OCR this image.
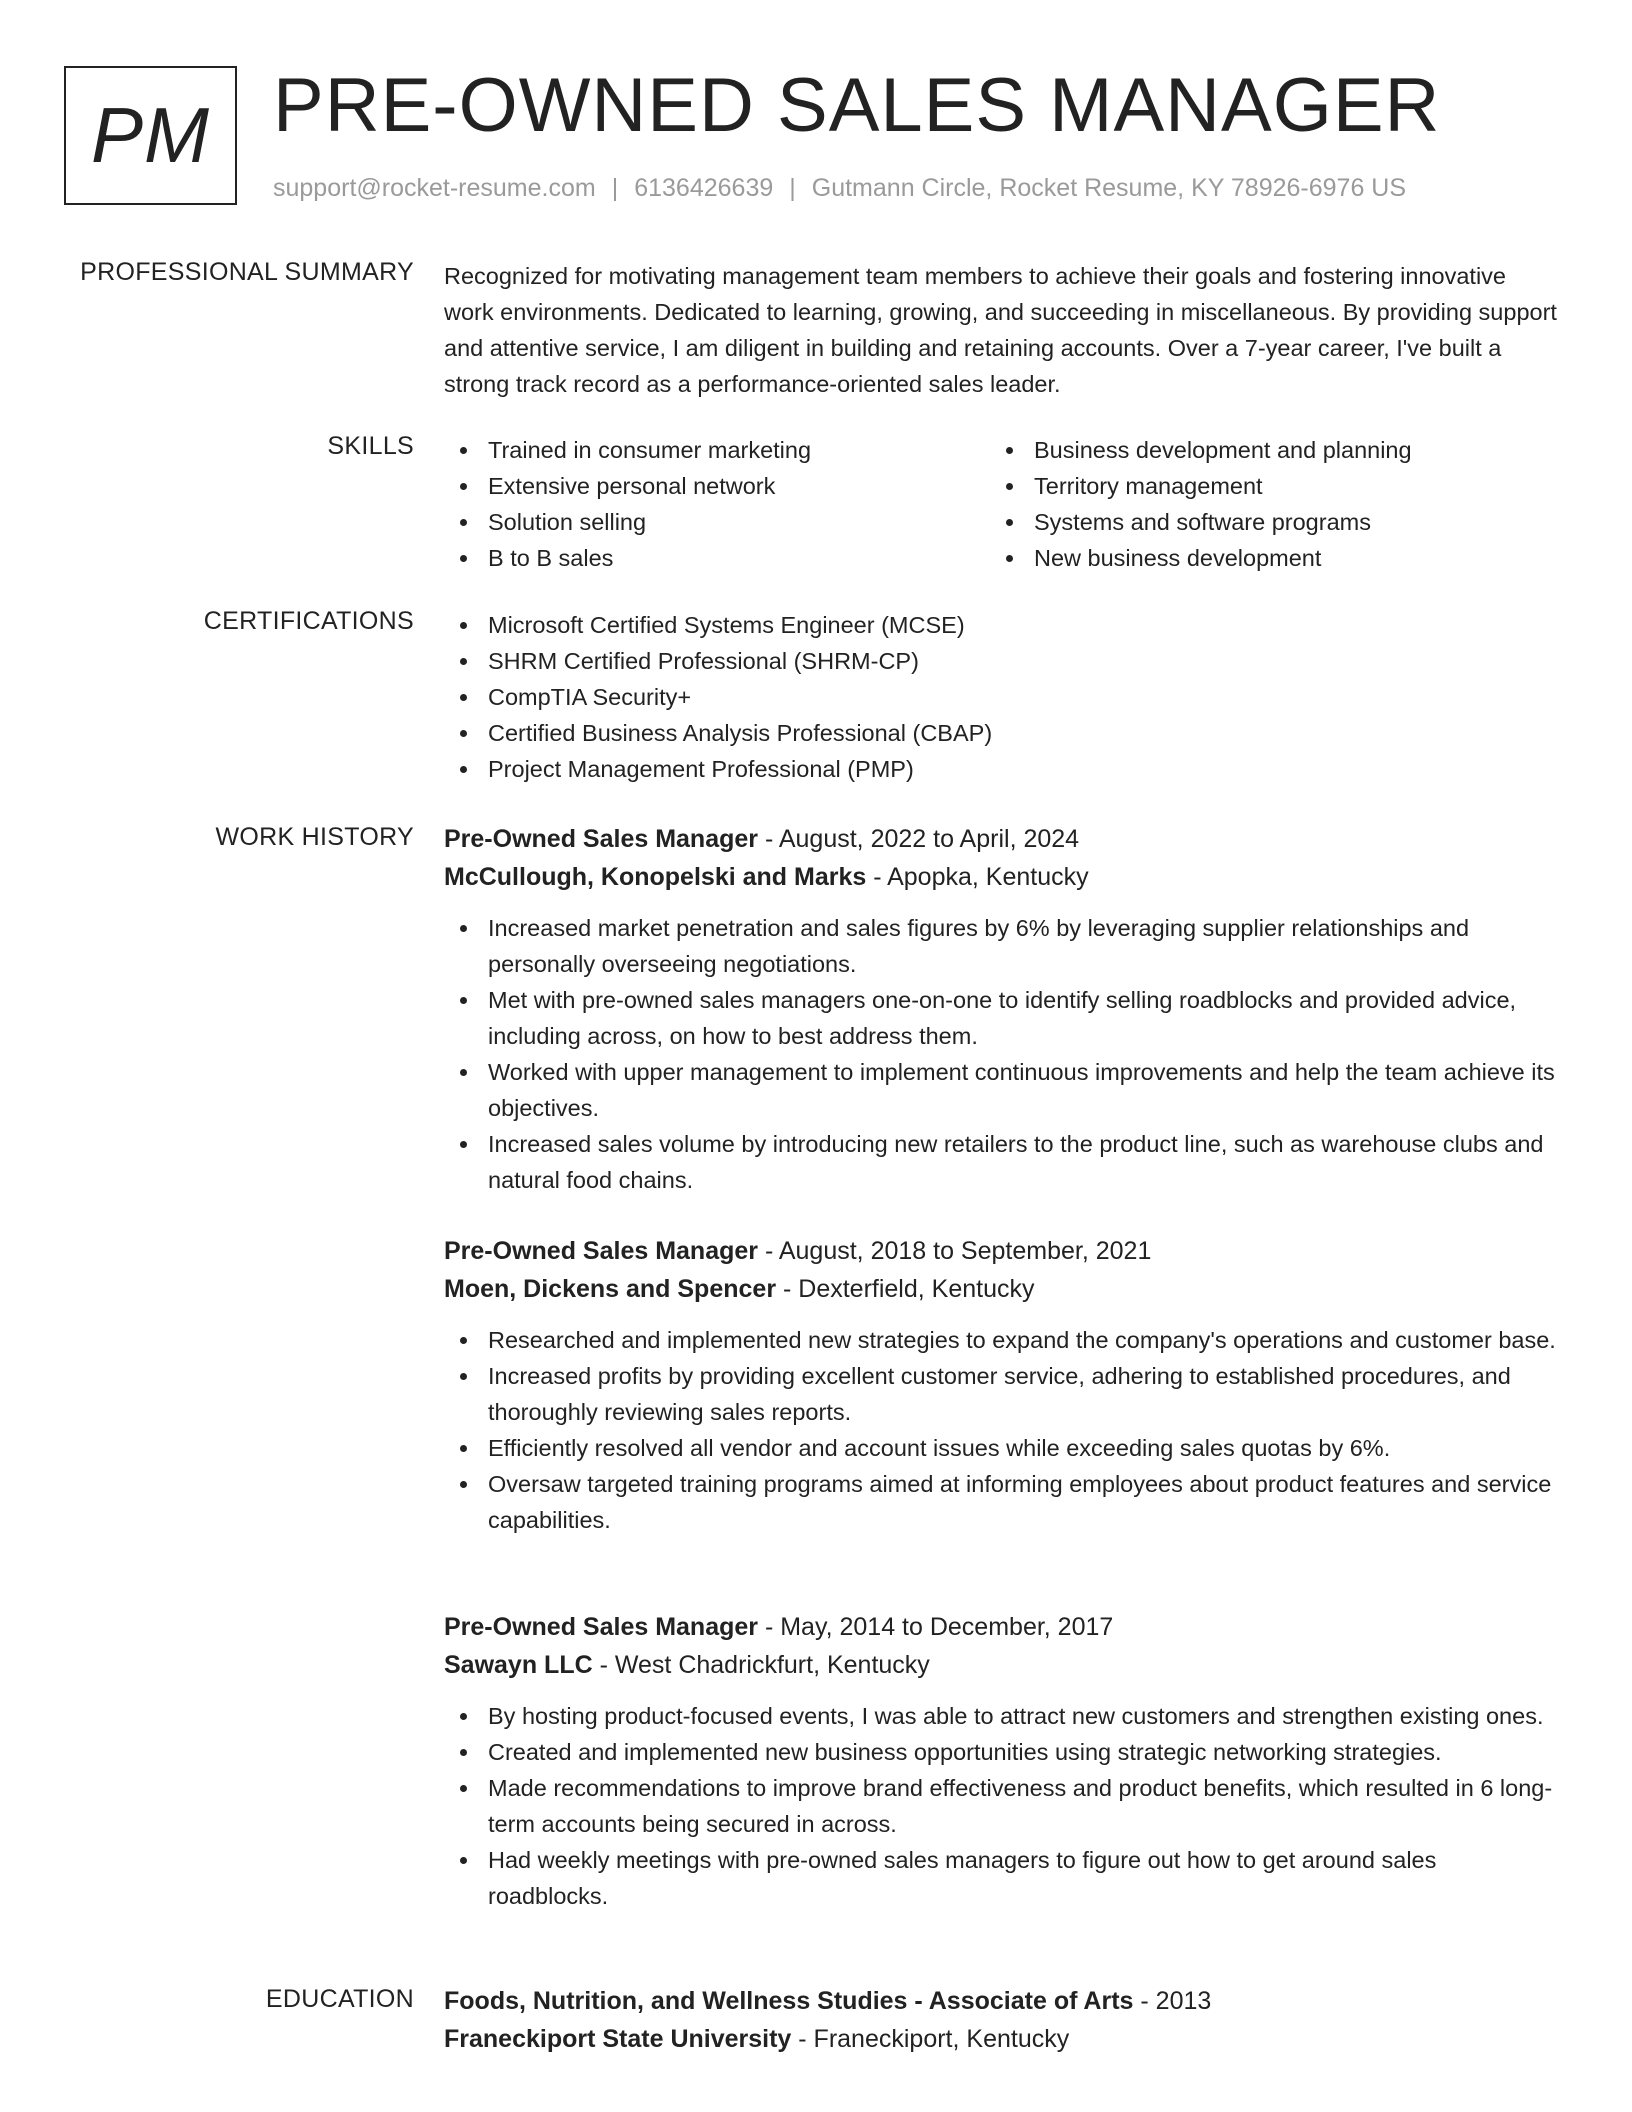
PM PRE-OWNED SALES MANAGER
support@rocket-resume.com | 6136426639 | Gutmann Circle, Rocket Resume, KY 78926-6976 US
PROFESSIONAL SUMMARY Recognized for motivating management team members to achieve their goals and fostering innovative work environments. Dedicated to learning, growing, and succeeding in miscellaneous. By providing support and attentive service, I am diligent in building and retaining accounts. Over a 7-year career, I've built a strong track record as a performance-oriented sales leader.

SKILLS	Trained in consumer marketing
Extensive personal network
Solution selling
B to B sales
Business development and planning
Territory management
Systems and software programs
New business development
CERTIFICATIONS	Microsoft Certified Systems Engineer (MCSE)
SHRM Certified Professional (SHRM-CP)
CompTIA Security+
Certified Business Analysis Professional (CBAP)
Project Management Professional (PMP)
WORK HISTORY Pre-Owned Sales Manager - August, 2022 to April, 2024
McCullough, Konopelski and Marks - Apopka, Kentucky
Increased market penetration and sales figures by 6% by leveraging supplier relationships and personally overseeing negotiations.
Met with pre-owned sales managers one-on-one to identify selling roadblocks and provided advice, including across, on how to best address them.
Worked with upper management to implement continuous improvements and help the team achieve its objectives.
Increased sales volume by introducing new retailers to the product line, such as warehouse clubs and natural food chains.
Pre-Owned Sales Manager - August, 2018 to September, 2021
Moen, Dickens and Spencer - Dexterfield, Kentucky
Researched and implemented new strategies to expand the company's operations and customer base.
Increased profits by providing excellent customer service, adhering to established procedures, and thoroughly reviewing sales reports.
Efficiently resolved all vendor and account issues while exceeding sales quotas by 6%.
Oversaw targeted training programs aimed at informing employees about product features and service capabilities.
Pre-Owned Sales Manager - May, 2014 to December, 2017
Sawayn LLC - West Chadrickfurt, Kentucky
By hosting product-focused events, I was able to attract new customers and strengthen existing ones.
Created and implemented new business opportunities using strategic networking strategies.
Made recommendations to improve brand effectiveness and product benefits, which resulted in 6 long-term accounts being secured in across.
Had weekly meetings with pre-owned sales managers to figure out how to get around sales roadblocks.
EDUCATION Foods, Nutrition, and Wellness Studies - Associate of Arts - 2013
Franeckiport State University - Franeckiport, Kentucky
